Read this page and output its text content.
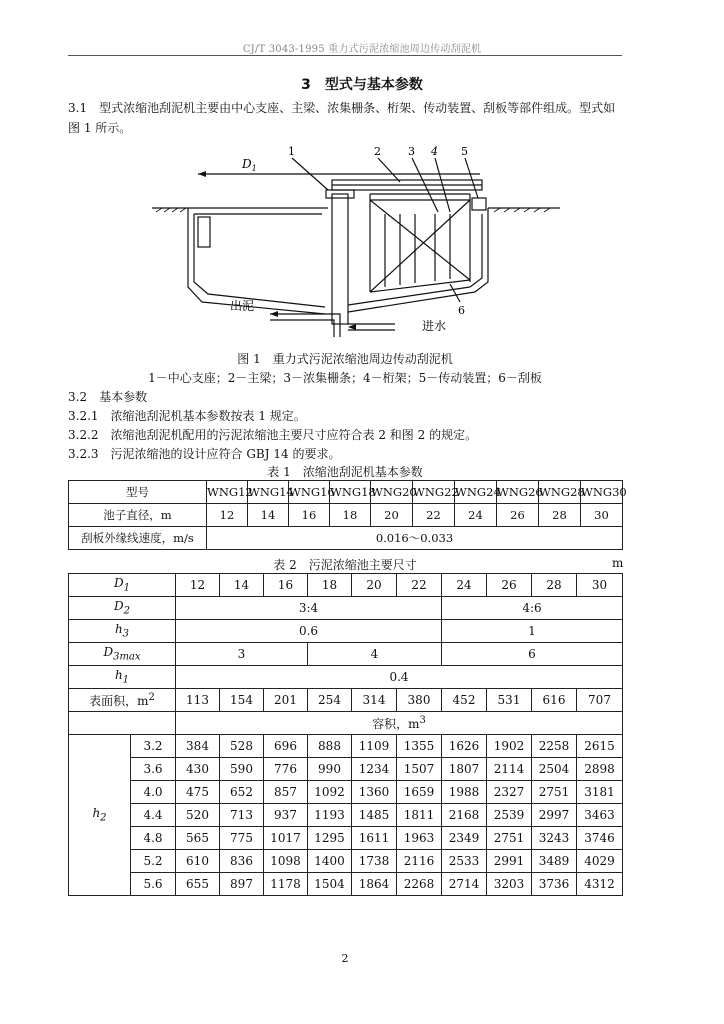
CJ/T 3043-1995 重力式污泥浓缩池周边传动刮泥机
3　型式与基本参数
3.1　型式浓缩池刮泥机主要由中心支座、主梁、浓集栅条、桁架、传动装置、刮板等部件组成。型式如图 1 所示。
$D_1$
1	2 3 4 5
6
出泥
进水
图 1　重力式污泥浓缩池周边传动刮泥机
1－中心支座；2－主梁；3－浓集栅条；4－桁架；5－传动装置；6－刮板
3.2　基本参数
3.2.1　浓缩池刮泥机基本参数按表 1 规定。
3.2.2　浓缩池刮泥机配用的污泥浓缩池主要尺寸应符合表 2 和图 2 的规定。
3.2.3　污泥浓缩池的设计应符合 GBJ 14 的要求。
表 1　浓缩池刮泥机基本参数
型号	WNG12	WNG14	WNG16	WNG18	WNG20	WNG22	WNG24	WNG26	WNG28	WNG30
池子直径，m	12	14	16	18	20	22	24	26	28	30
刮板外缘线速度，m/s	0.016～0.033									
表 2　污泥浓缩池主要尺寸	m
$D_1$		12	14	16	18	20	22	24	26	28	30
$D_2$		3:4						4:6			
$h_3$		0.6						1			
$D_{3max}$		3			4			6			
$h_1$		0.4									
表面积，$m^2$		113	154	201	254	314	380	452	531	616	707
		容积，$m^3$
$h_2$	3.2	384	528	696	888	1109	1355	1626	1902	2258	2615
	3.6	430	590	776	990	1234	1507	1807	2114	2504	2898
	4.0	475	652	857	1092	1360	1659	1988	2327	2751	3181
	4.4	520	713	937	1193	1485	1811	2168	2539	2997	3463
	4.8	565	775	1017	1295	1611	1963	2349	2751	3243	3746
	5.2	610	836	1098	1400	1738	2116	2533	2991	3489	4029
	5.6	655	897	1178	1504	1864	2268	2714	3203	3736	4312
2
